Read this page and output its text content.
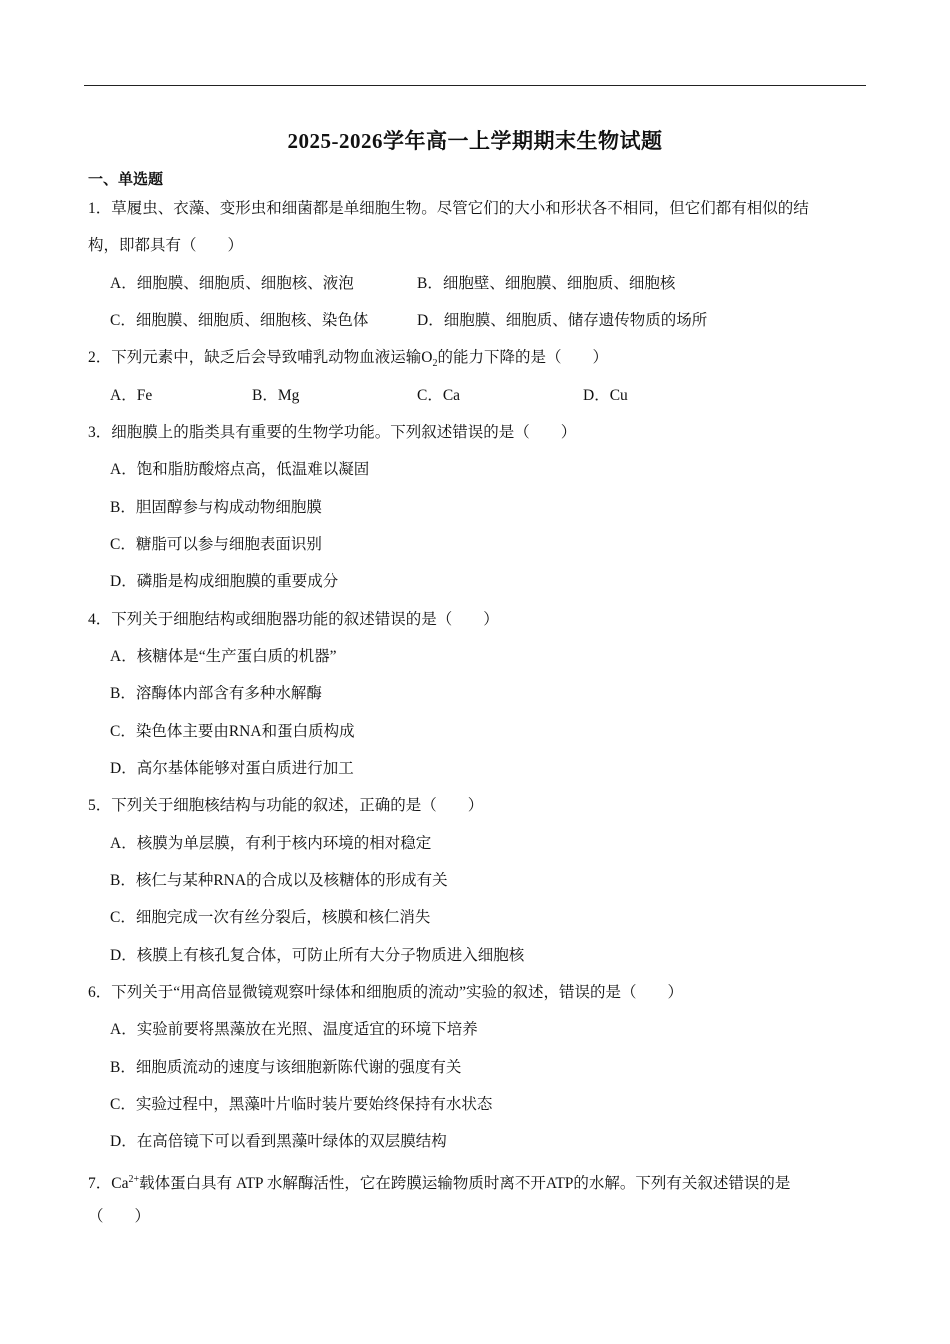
2025-2026学年高一上学期期末生物试题
一、单选题
1．草履虫、衣藻、变形虫和细菌都是单细胞生物。尽管它们的大小和形状各不相同，但它们都有相似的结
构，即都具有（　　）
A．细胞膜、细胞质、细胞核、液泡	B．细胞壁、细胞膜、细胞质、细胞核
C．细胞膜、细胞质、细胞核、染色体	D．细胞膜、细胞质、储存遗传物质的场所
2．下列元素中，缺乏后会导致哺乳动物血液运输$O_2$的能力下降的是（　　）
A．Fe	B．Mg	C．Ca	D．Cu
3．细胞膜上的脂类具有重要的生物学功能。下列叙述错误的是（　　）
A．饱和脂肪酸熔点高，低温难以凝固
B．胆固醇参与构成动物细胞膜
C．糖脂可以参与细胞表面识别
D．磷脂是构成细胞膜的重要成分
4．下列关于细胞结构或细胞器功能的叙述错误的是（　　）
A．核糖体是“生产蛋白质的机器”
B．溶酶体内部含有多种水解酶
C．染色体主要由RNA和蛋白质构成
D．高尔基体能够对蛋白质进行加工
5．下列关于细胞核结构与功能的叙述，正确的是（　　）
A．核膜为单层膜，有利于核内环境的相对稳定
B．核仁与某种RNA的合成以及核糖体的形成有关
C．细胞完成一次有丝分裂后，核膜和核仁消失
D．核膜上有核孔复合体，可防止所有大分子物质进入细胞核
6．下列关于“用高倍显微镜观察叶绿体和细胞质的流动”实验的叙述，错误的是（　　）
A．实验前要将黑藻放在光照、温度适宜的环境下培养
B．细胞质流动的速度与该细胞新陈代谢的强度有关
C．实验过程中，黑藻叶片临时装片要始终保持有水状态
D．在高倍镜下可以看到黑藻叶绿体的双层膜结构
7．$Ca^{2+}$载体蛋白具有 ATP 水解酶活性，它在跨膜运输物质时离不开ATP的水解。下列有关叙述错误的是
（　　）
